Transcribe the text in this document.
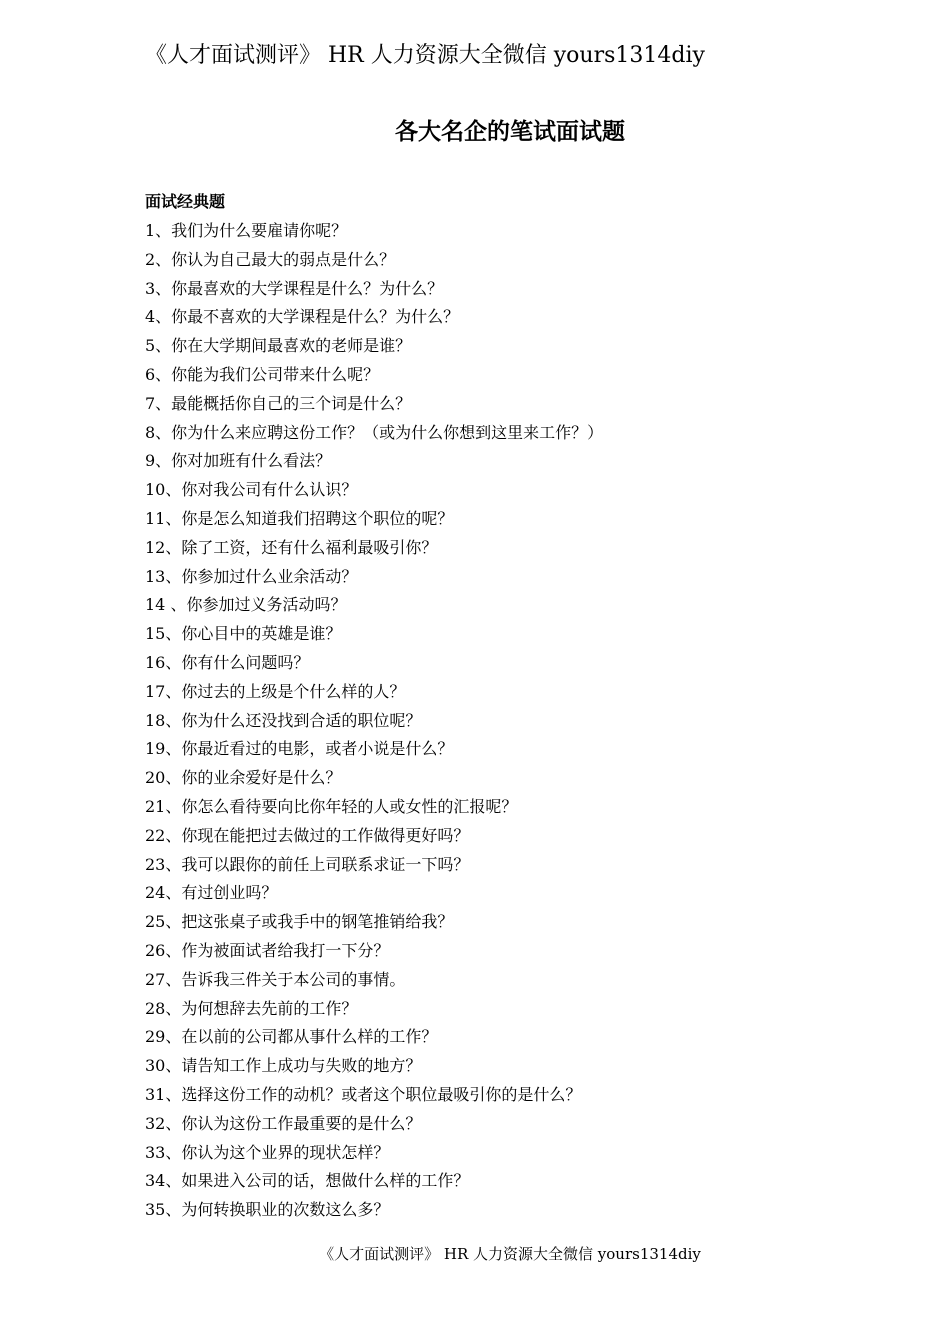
《人才面试测评》 HR 人力资源大全微信 yours1314diy
各大名企的笔试面试题
面试经典题
1、我们为什么要雇请你呢？
2、你认为自己最大的弱点是什么？
3、你最喜欢的大学课程是什么？为什么？
4、你最不喜欢的大学课程是什么？为什么？
5、你在大学期间最喜欢的老师是谁？
6、你能为我们公司带来什么呢？
7、最能概括你自己的三个词是什么？
8、你为什么来应聘这份工作？（或为什么你想到这里来工作？）
9、你对加班有什么看法？
10、你对我公司有什么认识？
11、你是怎么知道我们招聘这个职位的呢？
12、除了工资，还有什么福利最吸引你？
13、你参加过什么业余活动？
14 、你参加过义务活动吗？
15、你心目中的英雄是谁？
16、你有什么问题吗？
17、你过去的上级是个什么样的人？
18、你为什么还没找到合适的职位呢？
19、你最近看过的电影，或者小说是什么？
20、你的业余爱好是什么？
21、你怎么看待要向比你年轻的人或女性的汇报呢？
22、你现在能把过去做过的工作做得更好吗？
23、我可以跟你的前任上司联系求证一下吗？
24、有过创业吗？
25、把这张桌子或我手中的钢笔推销给我？
26、作为被面试者给我打一下分？
27、告诉我三件关于本公司的事情。
28、为何想辞去先前的工作？
29、在以前的公司都从事什么样的工作？
30、请告知工作上成功与失败的地方？
31、选择这份工作的动机？或者这个职位最吸引你的是什么？
32、你认为这份工作最重要的是什么？
33、你认为这个业界的现状怎样？
34、如果进入公司的话，想做什么样的工作？
35、为何转换职业的次数这么多？
《人才面试测评》 HR 人力资源大全微信 yours1314diy
